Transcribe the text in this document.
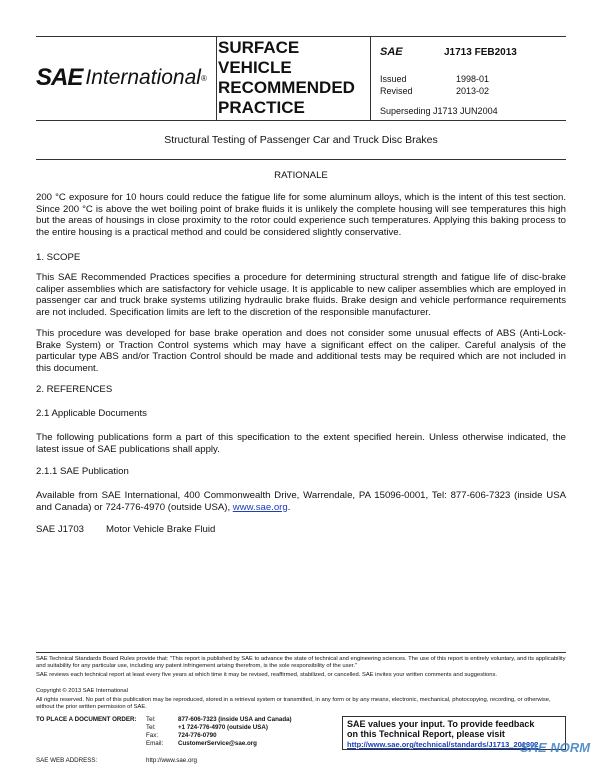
SAE International ®
SURFACE
VEHICLE
RECOMMENDED
PRACTICE
SAE	J1713 FEB2013
Issued	1998-01
Revised	2013-02
Superseding J1713 JUN2004
Structural Testing of Passenger Car and Truck Disc Brakes
RATIONALE
200 °C exposure for 10 hours could reduce the fatigue life for some aluminum alloys, which is the intent of this test section. Since 200 °C is above the wet boiling point of brake fluids it is unlikely the complete housing will see temperatures this high but the areas of housings in close proximity to the rotor could experience such temperatures. Applying this baking process to the entire housing is a practical method and could be considered slightly conservative.
1. SCOPE
This SAE Recommended Practices specifies a procedure for determining structural strength and fatigue life of disc-brake caliper assemblies which are satisfactory for vehicle usage. It is applicable to new caliper assemblies which are employed in passenger car and truck brake systems utilizing hydraulic brake fluids. Brake design and vehicle performance requirements are not included. Specification limits are left to the discretion of the responsible manufacturer.
This procedure was developed for base brake operation and does not consider some unusual effects of ABS (Anti-Lock-Brake System) or Traction Control systems which may have a significant effect on the caliper. Careful analysis of the particular type ABS and/or Traction Control should be made and additional tests may be required which are not included in this document.
2. REFERENCES
2.1 Applicable Documents
The following publications form a part of this specification to the extent specified herein. Unless otherwise indicated, the latest issue of SAE publications shall apply.
2.1.1 SAE Publication
Available from SAE International, 400 Commonwealth Drive, Warrendale, PA 15096-0001, Tel: 877-606-7323 (inside USA and Canada) or 724-776-4970 (outside USA), www.sae.org.
SAE J1703	Motor Vehicle Brake Fluid
SAE Technical Standards Board Rules provide that: "This report is published by SAE to advance the state of technical and engineering sciences. The use of this report is entirely voluntary, and its applicability and suitability for any particular use, including any patent infringement arising therefrom, is the sole responsibility of the user."
SAE reviews each technical report at least every five years at which time it may be revised, reaffirmed, stabilized, or cancelled. SAE invites your written comments and suggestions.
Copyright © 2013 SAE International
All rights reserved. No part of this publication may be reproduced, stored in a retrieval system or transmitted, in any form or by any means, electronic, mechanical, photocopying, recording, or otherwise, without the prior written permission of SAE.
TO PLACE A DOCUMENT ORDER:	Tel:	877-606-7323 (inside USA and Canada)
Tel:	+1 724-776-4970 (outside USA)
Fax:	724-776-0790
Email:	CustomerService@sae.org
SAE WEB ADDRESS:	http://www.sae.org
SAE values your input. To provide feedback
on this Technical Report, please visit
http://www.sae.org/technical/standards/J1713_201302
SAE NORM
